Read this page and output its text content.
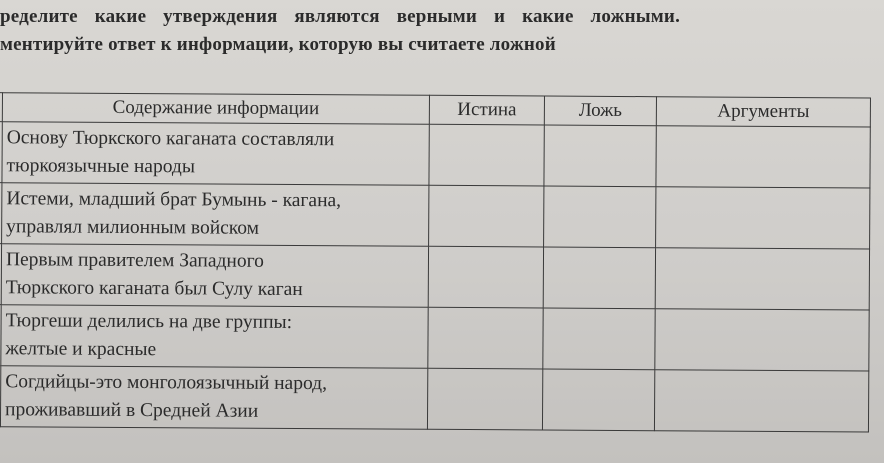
ределите какие утверждения являются верными и какие ложными.
ментируйте ответ к информации, которую вы считаете ложной
	Содержание информации	Истина	Ложь	Аргументы

	Основу Тюркского каганата составляли
тюркоязычные народы			

	Истеми, младший брат Бумынь - кагана,
управлял милионным войском			

	Первым правителем Западного
Тюркского каганата был Сулу каган			

	Тюргеши делились на две группы:
желтые и красные			

	Согдийцы-это монголоязычный народ,
проживавший в Средней Азии			
